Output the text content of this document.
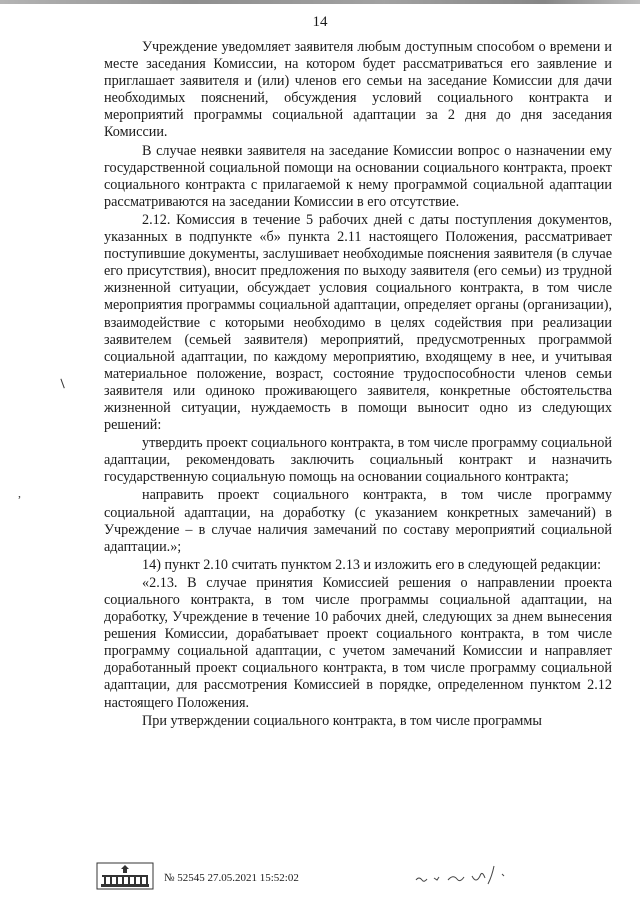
14
,

Учреждение уведомляет заявителя любым доступным способом о времени и месте заседания Комиссии, на котором будет рассматриваться его заявление и приглашает заявителя и (или) членов его семьи на заседание Комиссии для дачи необходимых пояснений, обсуждения условий социального контракта и мероприятий программы социальной адаптации за 2 дня до дня заседания Комиссии.

В случае неявки заявителя на заседание Комиссии вопрос о назначении ему государственной социальной помощи на основании социального контракта, проект социального контракта с прилагаемой к нему программой социальной адаптации рассматриваются на заседании Комиссии в его отсутствие.

2.12. Комиссия в течение 5 рабочих дней с даты поступления документов, указанных в подпункте «б» пункта 2.11 настоящего Положения, рассматривает поступившие документы, заслушивает необходимые пояснения заявителя (в случае его присутствия), вносит предложения по выходу заявителя (его семьи) из трудной жизненной ситуации, обсуждает условия социального контракта, в том числе мероприятия программы социальной адаптации, определяет органы (организации), взаимодействие с которыми необходимо в целях содействия при реализации заявителем (семьей заявителя) мероприятий, предусмотренных программой социальной адаптации, по каждому мероприятию, входящему в нее, и учитывая материальное положение, возраст, состояние трудоспособности членов семьи заявителя или одиноко проживающего заявителя, конкретные обстоятельства жизненной ситуации, нуждаемость в помощи выносит одно из следующих решений:

утвердить проект социального контракта, в том числе программу социальной адаптации, рекомендовать заключить социальный контракт и назначить государственную социальную помощь на основании социального контракта;

направить проект социального контракта, в том числе программу социальной адаптации, на доработку (с указанием конкретных замечаний) в Учреждение – в случае наличия замечаний по составу мероприятий социальной адаптации.»;

14) пункт 2.10 считать пунктом 2.13 и изложить его в следующей редакции:

«2.13. В случае принятия Комиссией решения о направлении проекта социального контракта, в том числе программы социальной адаптации, на доработку, Учреждение в течение 10 рабочих дней, следующих за днем вынесения решения Комиссии, дорабатывает проект социального контракта, в том числе программу социальной адаптации, с учетом замечаний Комиссии и направляет доработанный проект социального контракта, в том числе программу социальной адаптации, для рассмотрения Комиссией в порядке, определенном пунктом 2.12 настоящего Положения.

При утверждении социального контракта, в том числе программы

№ 52545 27.05.2021 15:52:02
